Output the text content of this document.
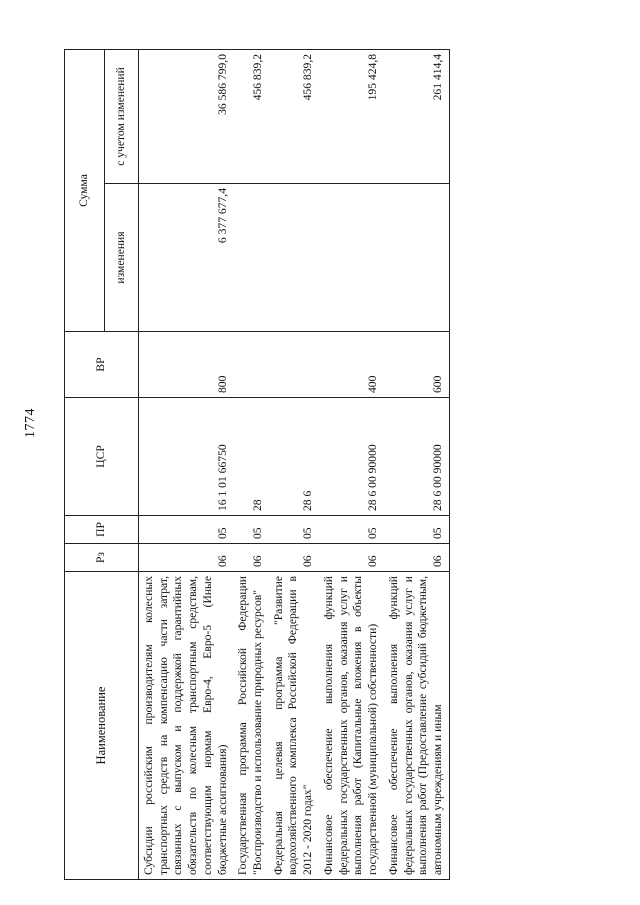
1774
Наименование	Рз	ПР	ЦСР	ВР	Сумма	
					изменения	с учетом изменений
Субсидии российским производителям колесных транспортных средств на компенсацию части затрат, связанных с выпуском и поддержкой гарантийных обязательств по колесным транспортным средствам, соответствующим нормам Евро-4, Евро-5 (Иные бюджетные ассигнования)	06	05	16 1 01 66750	800	6 377 677,4	36 586 799,0
Государственная программа Российской Федерации "Воспроизводство и использование природных ресурсов"	06	05	28			456 839,2
Федеральная целевая программа "Развитие водохозяйственного комплекса Российской Федерации в 2012 - 2020 годах"	06	05	28 6			456 839,2
Финансовое обеспечение выполнения функций федеральных государственных органов, оказания услуг и выполнения работ (Капитальные вложения в объекты государственной (муниципальной) собственности)	06	05	28 6 00 90000	400		195 424,8
Финансовое обеспечение выполнения функций федеральных государственных органов, оказания услуг и выполнения работ (Предоставление субсидий бюджетным, автономным учреждениям и иным	06	05	28 6 00 90000	600		261 414,4
